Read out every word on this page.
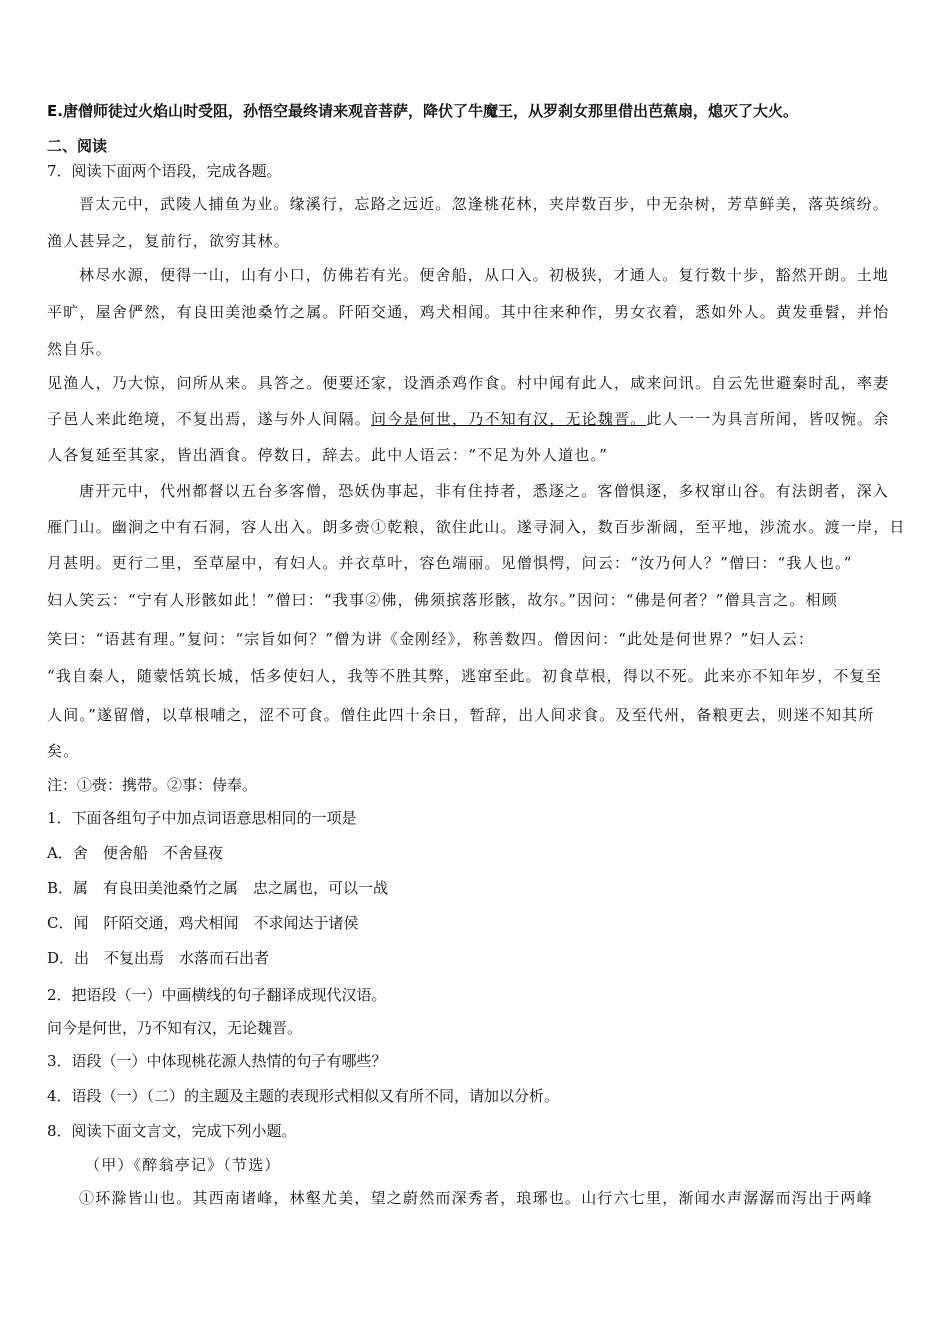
E.唐僧师徒过火焰山时受阻，孙悟空最终请来观音菩萨，降伏了牛魔王，从罗刹女那里借出芭蕉扇，熄灭了大火。
二、阅读
7．阅读下面两个语段，完成各题。
晋太元中，武陵人捕鱼为业。缘溪行，忘路之远近。忽逢桃花林，夹岸数百步，中无杂树，芳草鲜美，落英缤纷。
渔人甚异之，复前行，欲穷其林。
林尽水源，便得一山，山有小口，仿佛若有光。便舍船，从口入。初极狭，才通人。复行数十步，豁然开朗。土地
平旷，屋舍俨然，有良田美池桑竹之属。阡陌交通，鸡犬相闻。其中往来种作，男女衣着，悉如外人。黄发垂髫，并怡
然自乐。
见渔人，乃大惊，问所从来。具答之。便要还家，设酒杀鸡作食。村中闻有此人，咸来问讯。自云先世避秦时乱，率妻
子邑人来此绝境，不复出焉，遂与外人间隔。问今是何世，乃不知有汉，无论魏晋。此人一一为具言所闻，皆叹惋。余
人各复延至其家，皆出酒食。停数日，辞去。此中人语云：“不足为外人道也。”
唐开元中，代州都督以五台多客僧，恐妖伪事起，非有住持者，悉逐之。客僧惧逐，多权窜山谷。有法朗者，深入
雁门山。幽涧之中有石洞，容人出入。朗多赍①乾粮，欲住此山。遂寻洞入，数百步渐阔，至平地，涉流水。渡一岸，日
月甚明。更行二里，至草屋中，有妇人。并衣草叶，容色端丽。见僧惧愕，问云：“汝乃何人？”僧曰：“我人也。”
妇人笑云：“宁有人形骸如此！”僧曰：“我事②佛，佛须摈落形骸，故尔。”因问：“佛是何者？”僧具言之。相顾
笑曰：“语甚有理。”复问：“宗旨如何？”僧为讲《金刚经》，称善数四。僧因问：“此处是何世界？”妇人云：
“我自秦人，随蒙恬筑长城，恬多使妇人，我等不胜其弊，逃窜至此。初食草根，得以不死。此来亦不知年岁，不复至
人间。”遂留僧，以草根哺之，涩不可食。僧住此四十余日，暂辞，出人间求食。及至代州，备粮更去，则迷不知其所
矣。
注：①赍：携带。②事：侍奉。
1．下面各组句子中加点词语意思相同的一项是
A．舍　便舍船　不舍昼夜
B．属　有良田美池桑竹之属　忠之属也，可以一战
C．闻　阡陌交通，鸡犬相闻　不求闻达于诸侯
D．出　不复出焉　水落而石出者
2．把语段（一）中画横线的句子翻译成现代汉语。
问今是何世，乃不知有汉，无论魏晋。
3．语段（一）中体现桃花源人热情的句子有哪些？
4．语段（一）（二）的主题及主题的表现形式相似又有所不同，请加以分析。
8．阅读下面文言文，完成下列小题。
（甲）《醉翁亭记》（节选）
①环滁皆山也。其西南诸峰，林壑尤美，望之蔚然而深秀者，琅琊也。山行六七里，渐闻水声潺潺而泻出于两峰
